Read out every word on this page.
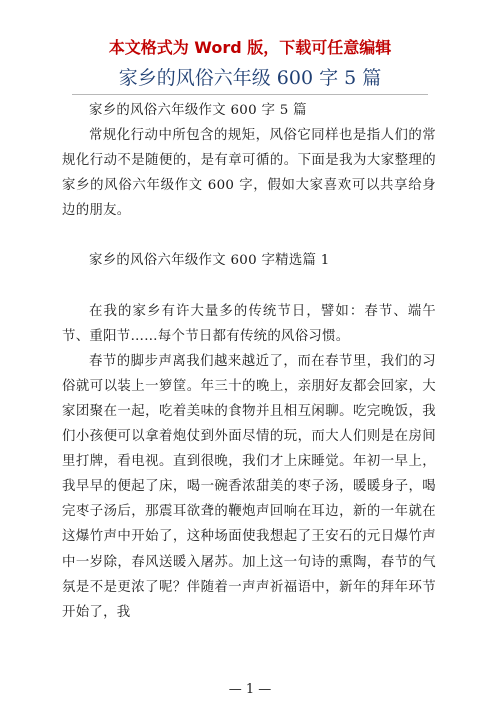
本文格式为 Word 版，下载可任意编辑
家乡的风俗六年级 600 字 5 篇

家乡的风俗六年级作文 600 字 5 篇

常规化行动中所包含的规矩，风俗它同样也是指人们的常规化行动不是随便的，是有章可循的。下面是我为大家整理的家乡的风俗六年级作文 600 字，假如大家喜欢可以共享给身边的朋友。

家乡的风俗六年级作文 600 字精选篇 1

在我的家乡有许大量多的传统节日，譬如：春节、端午节、重阳节……每个节日都有传统的风俗习惯。

春节的脚步声离我们越来越近了，而在春节里，我们的习俗就可以装上一箩筐。年三十的晚上，亲朋好友都会回家，大家团聚在一起，吃着美味的食物并且相互闲聊。吃完晚饭，我们小孩便可以拿着炮仗到外面尽情的玩，而大人们则是在房间里打牌，看电视。直到很晚，我们才上床睡觉。年初一早上，我早早的便起了床，喝一碗香浓甜美的枣子汤，暖暖身子，喝完枣子汤后，那震耳欲聋的鞭炮声回响在耳边，新的一年就在这爆竹声中开始了，这种场面使我想起了王安石的元日爆竹声中一岁除，春风送暖入屠苏。加上这一句诗的熏陶，春节的气氛是不是更浓了呢？伴随着一声声祈福语中，新年的拜年环节开始了，我

— 1 —
